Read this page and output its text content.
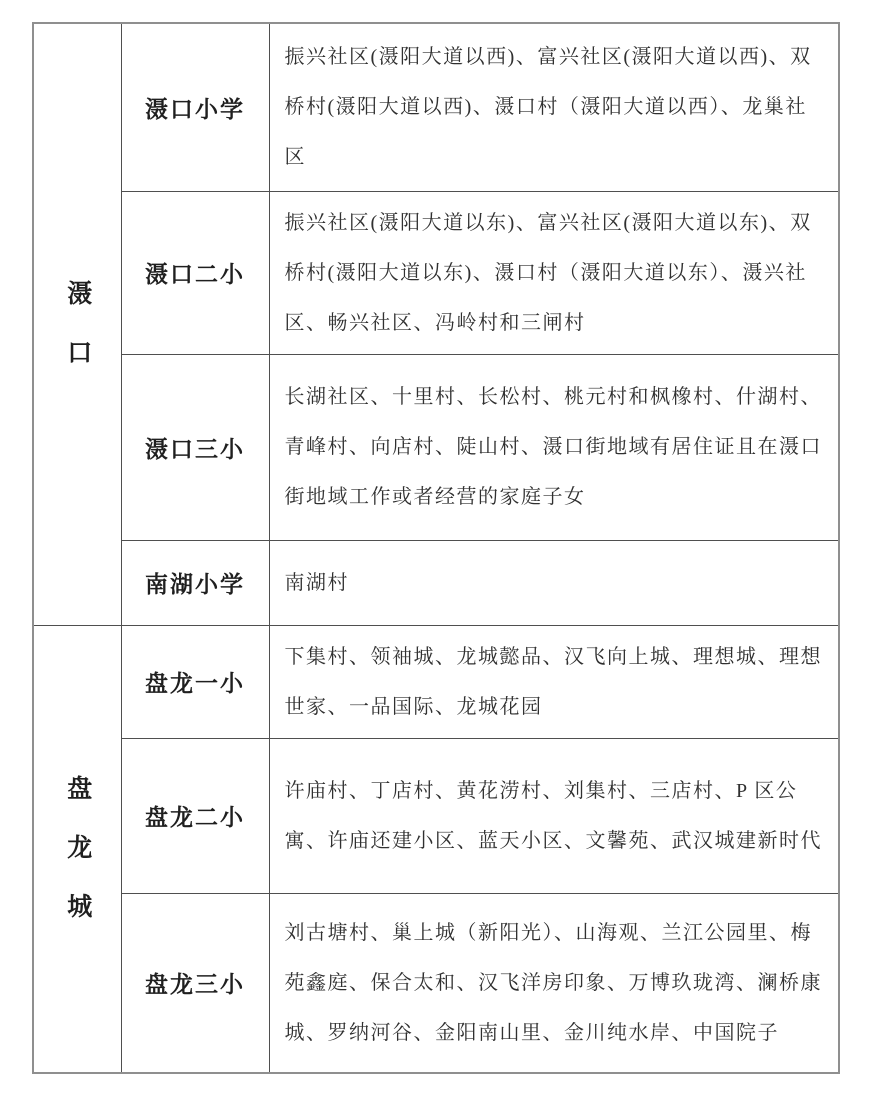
滠口	滠口小学	振兴社区(滠阳大道以西)、富兴社区(滠阳大道以西)、双桥村(滠阳大道以西)、滠口村（滠阳大道以西）、龙巢社区
	滠口二小	振兴社区(滠阳大道以东)、富兴社区(滠阳大道以东)、双桥村(滠阳大道以东)、滠口村（滠阳大道以东）、滠兴社区、畅兴社区、冯岭村和三闸村
	滠口三小	长湖社区、十里村、长松村、桃元村和枫橡村、什湖村、青峰村、向店村、陡山村、滠口街地域有居住证且在滠口街地域工作或者经营的家庭子女
	南湖小学	南湖村
盘龙城	盘龙一小	下集村、领袖城、龙城懿品、汉飞向上城、理想城、理想世家、一品国际、龙城花园
	盘龙二小	许庙村、丁店村、黄花涝村、刘集村、三店村、P 区公寓、许庙还建小区、蓝天小区、文馨苑、武汉城建新时代
	盘龙三小	刘古塘村、巢上城（新阳光）、山海观、兰江公园里、梅苑鑫庭、保合太和、汉飞洋房印象、万博玖珑湾、澜桥康城、罗纳河谷、金阳南山里、金川纯水岸、中国院子
